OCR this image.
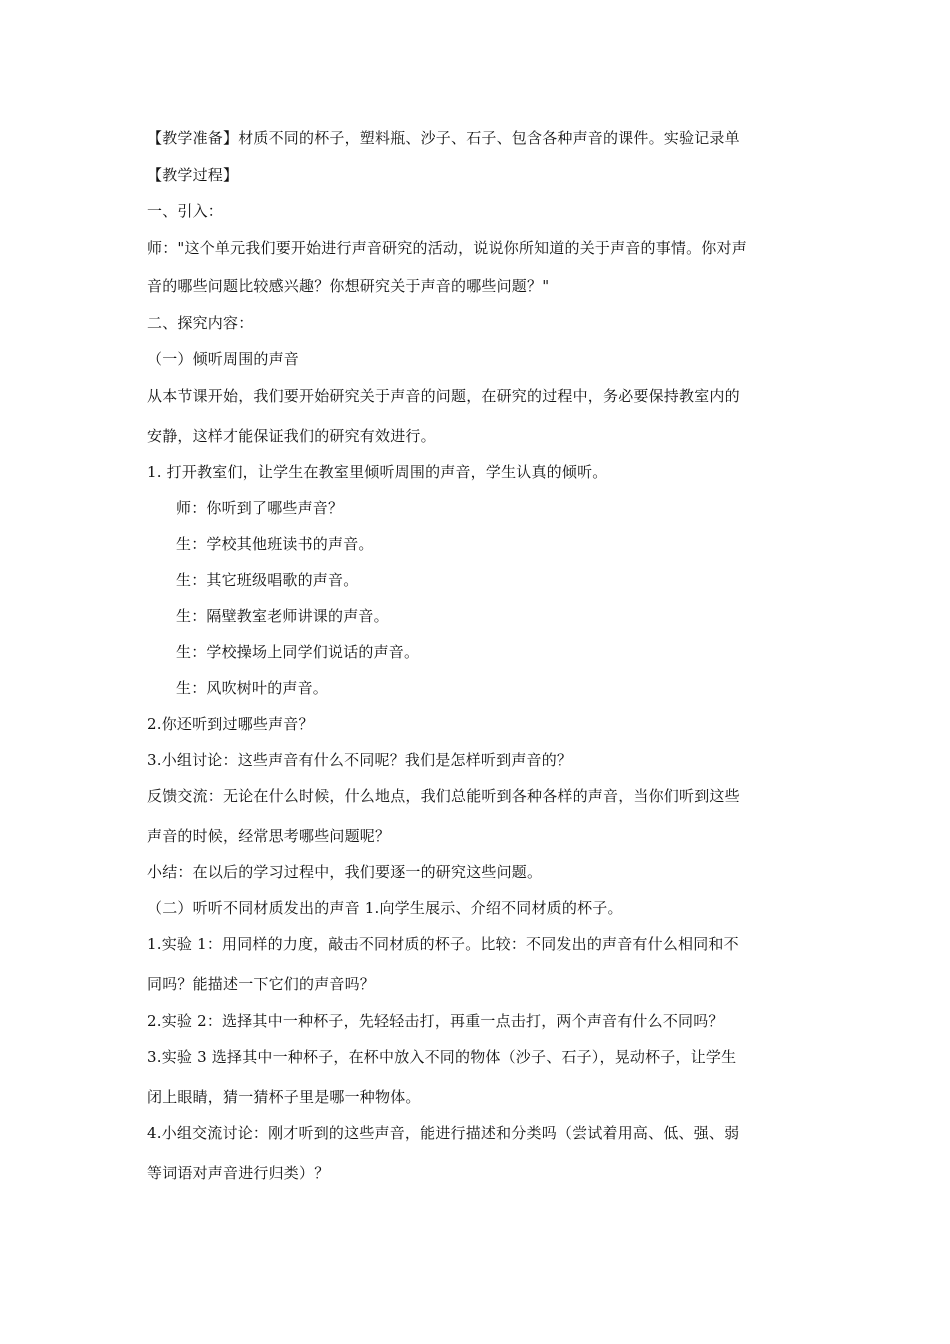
【教学准备】材质不同的杯子，塑料瓶、沙子、石子、包含各种声音的课件。实验记录单
【教学过程】
一、引入：
师："这个单元我们要开始进行声音研究的活动，说说你所知道的关于声音的事情。你对声
音的哪些问题比较感兴趣？你想研究关于声音的哪些问题？"
二、探究内容：
（一）倾听周围的声音
从本节课开始，我们要开始研究关于声音的问题，在研究的过程中，务必要保持教室内的
安静，这样才能保证我们的研究有效进行。
1. 打开教室们，让学生在教室里倾听周围的声音，学生认真的倾听。
师：你听到了哪些声音？
生：学校其他班读书的声音。
生：其它班级唱歌的声音。
生：隔壁教室老师讲课的声音。
生：学校操场上同学们说话的声音。
生：风吹树叶的声音。
2.你还听到过哪些声音？
3.小组讨论：这些声音有什么不同呢？我们是怎样听到声音的？
反馈交流：无论在什么时候，什么地点，我们总能听到各种各样的声音，当你们听到这些
声音的时候，经常思考哪些问题呢？
小结：在以后的学习过程中，我们要逐一的研究这些问题。
（二）听听不同材质发出的声音 1.向学生展示、介绍不同材质的杯子。
1.实验 1：用同样的力度，敲击不同材质的杯子。比较：不同发出的声音有什么相同和不
同吗？能描述一下它们的声音吗？
2.实验 2：选择其中一种杯子，先轻轻击打，再重一点击打，两个声音有什么不同吗？
3.实验 3 选择其中一种杯子，在杯中放入不同的物体（沙子、石子），晃动杯子，让学生
闭上眼睛，猜一猜杯子里是哪一种物体。
4.小组交流讨论：刚才听到的这些声音，能进行描述和分类吗（尝试着用高、低、强、弱
等词语对声音进行归类）？
